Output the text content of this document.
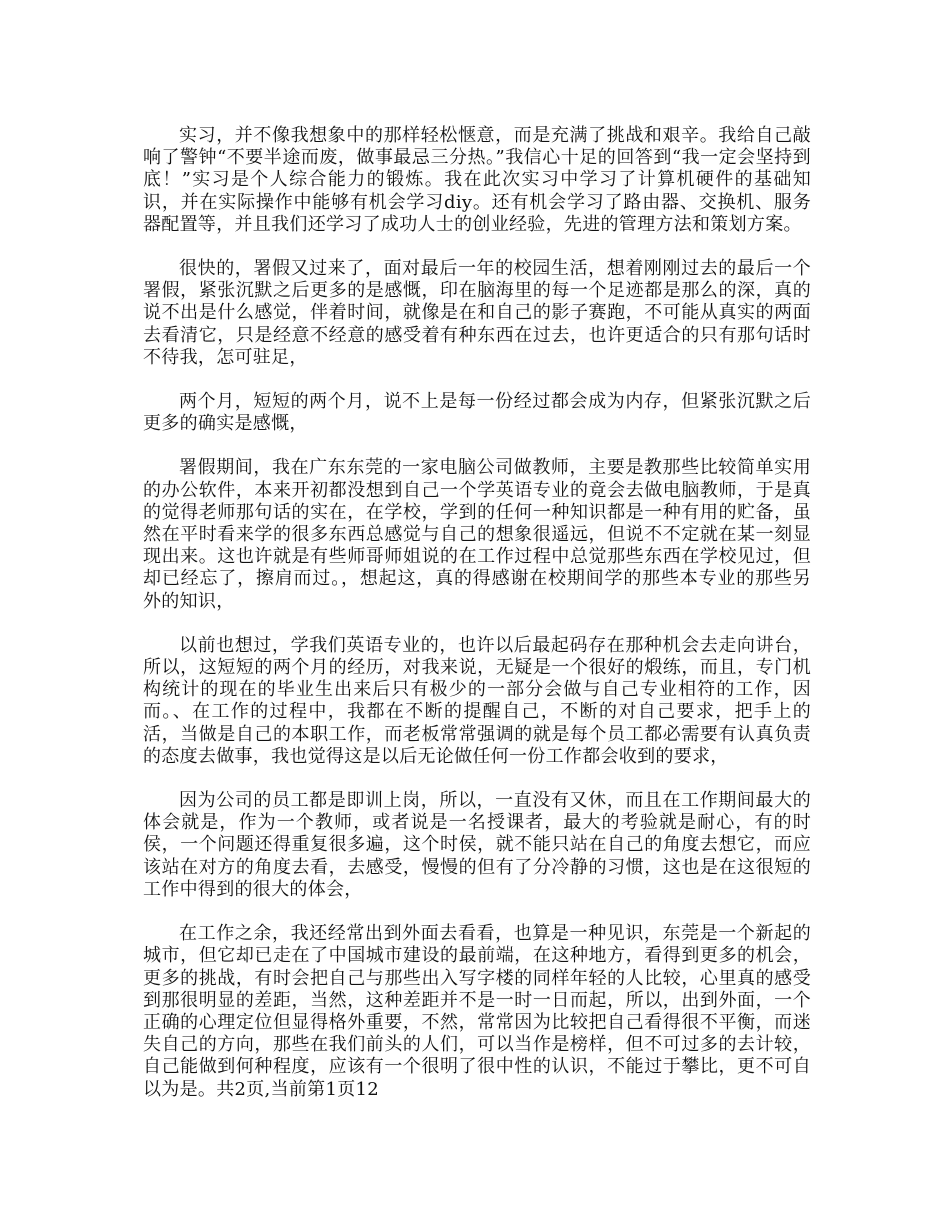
实习，并不像我想象中的那样轻松惬意，而是充满了挑战和艰辛。我给自己敲响了警钟“不要半途而废，做事最忌三分热。”我信心十足的回答到“我一定会坚持到底！”实习是个人综合能力的锻炼。我在此次实习中学习了计算机硬件的基础知识，并在实际操作中能够有机会学习diy。还有机会学习了路由器、交换机、服务器配置等，并且我们还学习了成功人士的创业经验，先进的管理方法和策划方案。

很快的，署假又过来了，面对最后一年的校园生活，想着刚刚过去的最后一个署假，紧张沉默之后更多的是感慨，印在脑海里的每一个足迹都是那么的深，真的说不出是什么感觉，伴着时间，就像是在和自己的影子赛跑，不可能从真实的两面去看清它，只是经意不经意的感受着有种东西在过去，也许更适合的只有那句话时不待我，怎可驻足，

两个月，短短的两个月，说不上是每一份经过都会成为内存，但紧张沉默之后更多的确实是感慨，

署假期间，我在广东东莞的一家电脑公司做教师，主要是教那些比较简单实用的办公软件，本来开初都没想到自己一个学英语专业的竟会去做电脑教师，于是真的觉得老师那句话的实在，在学校，学到的任何一种知识都是一种有用的贮备，虽然在平时看来学的很多东西总感觉与自己的想象很遥远，但说不不定就在某一刻显现出来。这也许就是有些师哥师姐说的在工作过程中总觉那些东西在学校见过，但却已经忘了，擦肩而过。，想起这，真的得感谢在校期间学的那些本专业的那些另外的知识，

以前也想过，学我们英语专业的，也许以后最起码存在那种机会去走向讲台，所以，这短短的两个月的经历，对我来说，无疑是一个很好的煅练，而且，专门机构统计的现在的毕业生出来后只有极少的一部分会做与自己专业相符的工作，因而。、在工作的过程中，我都在不断的提醒自己，不断的对自己要求，把手上的活，当做是自己的本职工作，而老板常常强调的就是每个员工都必需要有认真负责的态度去做事，我也觉得这是以后无论做任何一份工作都会收到的要求，

因为公司的员工都是即训上岗，所以，一直没有又休，而且在工作期间最大的体会就是，作为一个教师，或者说是一名授课者，最大的考验就是耐心，有的时侯，一个问题还得重复很多遍，这个时侯，就不能只站在自己的角度去想它，而应该站在对方的角度去看，去感受，慢慢的但有了分冷静的习惯，这也是在这很短的工作中得到的很大的体会，

在工作之余，我还经常出到外面去看看，也算是一种见识，东莞是一个新起的城市，但它却已走在了中国城市建设的最前端，在这种地方，看得到更多的机会，更多的挑战，有时会把自己与那些出入写字楼的同样年轻的人比较，心里真的感受到那很明显的差距，当然，这种差距并不是一时一日而起，所以，出到外面，一个正确的心理定位但显得格外重要，不然，常常因为比较把自己看得很不平衡，而迷失自己的方向，那些在我们前头的人们，可以当作是榜样，但不可过多的去计较，自己能做到何种程度，应该有一个很明了很中性的认识，不能过于攀比，更不可自以为是。共2页,当前第1页12
